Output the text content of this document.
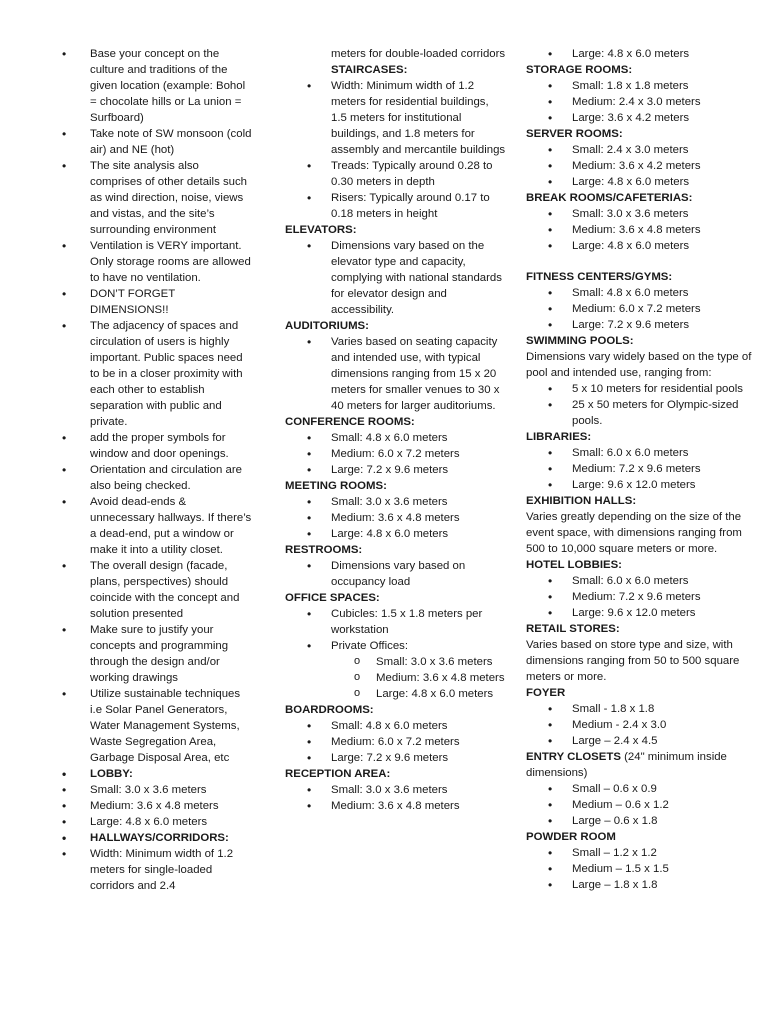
• Base your concept on the culture and traditions of the given location (example: Bohol = chocolate hills or La union = Surfboard)
• Take note of SW monsoon (cold air) and NE (hot)
• The site analysis also comprises of other details such as wind direction, noise, views and vistas, and the site’s surrounding environment
• Ventilation is VERY important. Only storage rooms are allowed to have no ventilation.
• DON’T FORGET DIMENSIONS!!
• The adjacency of spaces and circulation of users is highly important. Public spaces need to be in a closer proximity with each other to establish separation with public and private.
• add the proper symbols for window and door openings.
• Orientation and circulation are also being checked.
• Avoid dead-ends & unnecessary hallways. If there’s a dead-end, put a window or make it into a utility closet.
• The overall design (facade, plans, perspectives) should coincide with the concept and solution presented
• Make sure to justify your concepts and programming through the design and/or working drawings
• Utilize sustainable techniques i.e Solar Panel Generators, Water Management Systems, Waste Segregation Area, Garbage Disposal Area, etc
• LOBBY:
• Small: 3.0 x 3.6 meters
• Medium: 3.6 x 4.8 meters
• Large: 4.8 x 6.0 meters
• HALLWAYS/CORRIDORS:
• Width: Minimum width of 1.2 meters for single-loaded corridors and 2.4
meters for double-loaded corridors
STAIRCASES:
• Width: Minimum width of 1.2 meters for residential buildings, 1.5 meters for institutional buildings, and 1.8 meters for assembly and mercantile buildings
• Treads: Typically around 0.28 to 0.30 meters in depth
• Risers: Typically around 0.17 to 0.18 meters in height
ELEVATORS:
• Dimensions vary based on the elevator type and capacity, complying with national standards for elevator design and accessibility.
AUDITORIUMS:
• Varies based on seating capacity and intended use, with typical dimensions ranging from 15 x 20 meters for smaller venues to 30 x 40 meters for larger auditoriums.
CONFERENCE ROOMS:
• Small: 4.8 x 6.0 meters
• Medium: 6.0 x 7.2 meters
• Large: 7.2 x 9.6 meters
MEETING ROOMS:
• Small: 3.0 x 3.6 meters
• Medium: 3.6 x 4.8 meters
• Large: 4.8 x 6.0 meters
RESTROOMS:
• Dimensions vary based on occupancy load
OFFICE SPACES:
• Cubicles: 1.5 x 1.8 meters per workstation
• Private Offices:
o Small: 3.0 x 3.6 meters
o Medium: 3.6 x 4.8 meters
o Large: 4.8 x 6.0 meters
BOARDROOMS:
• Small: 4.8 x 6.0 meters
• Medium: 6.0 x 7.2 meters
• Large: 7.2 x 9.6 meters
RECEPTION AREA:
• Small: 3.0 x 3.6 meters
• Medium: 3.6 x 4.8 meters
• Large: 4.8 x 6.0 meters
STORAGE ROOMS:
• Small: 1.8 x 1.8 meters
• Medium: 2.4 x 3.0 meters
• Large: 3.6 x 4.2 meters
SERVER ROOMS:
• Small: 2.4 x 3.0 meters
• Medium: 3.6 x 4.2 meters
• Large: 4.8 x 6.0 meters
BREAK ROOMS/CAFETERIAS:
• Small: 3.0 x 3.6 meters
• Medium: 3.6 x 4.8 meters
• Large: 4.8 x 6.0 meters
FITNESS CENTERS/GYMS:
• Small: 4.8 x 6.0 meters
• Medium: 6.0 x 7.2 meters
• Large: 7.2 x 9.6 meters
SWIMMING POOLS:
Dimensions vary widely based on the type of pool and intended use, ranging from:
• 5 x 10 meters for residential pools
• 25 x 50 meters for Olympic-sized pools.
LIBRARIES:
• Small: 6.0 x 6.0 meters
• Medium: 7.2 x 9.6 meters
• Large: 9.6 x 12.0 meters
EXHIBITION HALLS:
Varies greatly depending on the size of the event space, with dimensions ranging from 500 to 10,000 square meters or more.
HOTEL LOBBIES:
• Small: 6.0 x 6.0 meters
• Medium: 7.2 x 9.6 meters
• Large: 9.6 x 12.0 meters
RETAIL STORES:
Varies based on store type and size, with dimensions ranging from 50 to 500 square meters or more.
FOYER
• Small - 1.8 x 1.8
• Medium - 2.4 x 3.0
• Large – 2.4 x 4.5
ENTRY CLOSETS (24" minimum inside
dimensions)
• Small – 0.6 x 0.9
• Medium – 0.6 x 1.2
• Large – 0.6 x 1.8
POWDER ROOM
• Small – 1.2 x 1.2
• Medium – 1.5 x 1.5
• Large – 1.8 x 1.8
